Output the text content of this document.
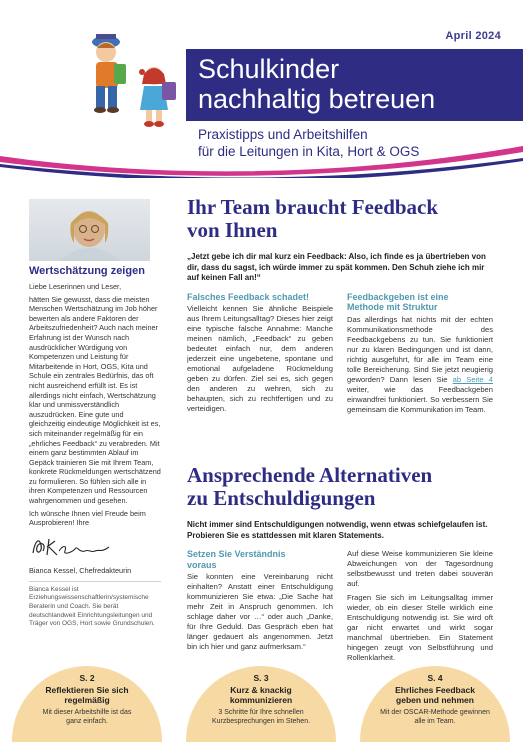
April 2024
Schulkinder
nachhaltig betreuen
Praxistipps und Arbeitshilfen
für die Leitungen in Kita, Hort & OGS
Wertschätzung zeigen

Liebe Leserinnen und Leser,

hätten Sie gewusst, dass die meisten Menschen Wertschätzung im Job höher bewerten als andere Faktoren der Arbeitszufriedenheit? Auch nach meiner Erfahrung ist der Wunsch nach ausdrücklicher Würdigung von Kompetenzen und Leistung für Mitarbeitende in Hort, OGS, Kita und Schule ein zentrales Bedürfnis, das oft nicht ausreichend erfüllt ist. Es ist allerdings nicht einfach, Wertschätzung klar und unmissverständlich auszudrücken. Eine gute und gleichzeitig eindeutige Möglichkeit ist es, sich miteinander regelmäßig für ein „ehrliches Feedback“ zu verabreden. Mit einem ganz bestimmten Ablauf im Gepäck trainieren Sie mit Ihrem Team, konkrete Rückmeldungen wertschätzend zu formulieren. So fühlen sich alle in ihren Kompetenzen und Ressourcen wahrgenommen und gesehen.

Ich wünsche Ihnen viel Freude beim Ausprobieren! Ihre

Bianca Kessel, Chefredakteurin
Bianca Kessel ist Erziehungswissenschaftlerin/systemische Beraterin und Coach. Sie berät deutschlandweit Einrichtungsleitungen und Träger von OGS, Hort sowie Grundschulen.
Ihr Team braucht Feedback
von Ihnen
„Jetzt gebe ich dir mal kurz ein Feedback: Also, ich finde es ja übertrieben von dir, dass du sagst, ich würde immer zu spät kommen. Den Schuh ziehe ich mir auf keinen Fall an!“
Falsches Feedback schadet!

Vielleicht kennen Sie ähnliche Beispiele aus Ihrem Leitungsalltag? Dieses hier zeigt eine typische falsche Annahme: Manche meinen nämlich, „Feedback“ zu geben bedeutet einfach nur, dem anderen jederzeit eine ungebetene, spontane und emotional aufgeladene Rückmeldung geben zu dürfen. Ziel sei es, sich gegen den anderen zu wehren, sich zu behaupten, sich zu rechtfertigen und zu verteidigen.

Feedbackgeben ist eine
Methode mit Struktur

Das allerdings hat nichts mit der echten Kommunikationsmethode des Feedbackgebens zu tun. Sie funktioniert nur zu klaren Bedingungen und ist dann, richtig ausgeführt, für alle im Team eine tolle Bereicherung. Sind Sie jetzt neugierig geworden? Dann lesen Sie ab Seite 4 weiter, wie das Feedbackgeben einwandfrei funktioniert. So verbessern Sie gemeinsam die Kommunikation im Team.

Ansprechende Alternativen
zu Entschuldigungen
Nicht immer sind Entschuldigungen notwendig, wenn etwas schiefgelaufen ist. Probieren Sie es stattdessen mit klaren Statements.
Setzen Sie Verständnis
voraus

Sie konnten eine Vereinbarung nicht einhalten? Anstatt einer Entschuldigung kommunizieren Sie etwa: „Die Sache hat mehr Zeit in Anspruch genommen. Ich schlage daher vor …“ oder auch „Danke, für Ihre Geduld. Das Gespräch eben hat länger gedauert als angenommen. Jetzt bin ich hier und ganz aufmerksam.“

Auf diese Weise kommunizieren Sie kleine Abweichungen von der Tagesordnung selbstbewusst und treten dabei souverän auf.

Fragen Sie sich im Leitungsalltag immer wieder, ob ein dieser Stelle wirklich eine Entschuldigung notwendig ist. Sie wird oft gar nicht erwartet und wirkt sogar manchmal übertrieben. Ein Statement hingegen zeugt von Selbstführung und Rollenklarheit.

S. 2
Reflektieren Sie sich
regelmäßig
Mit dieser Arbeitshilfe ist das
ganz einfach.
S. 3
Kurz & knackig
kommunizieren
3 Schritte für Ihre schnellen
Kurzbesprechungen im Stehen.
S. 4
Ehrliches Feedback
geben und nehmen
Mit der OSCAR-Methode gewinnen
alle im Team.
